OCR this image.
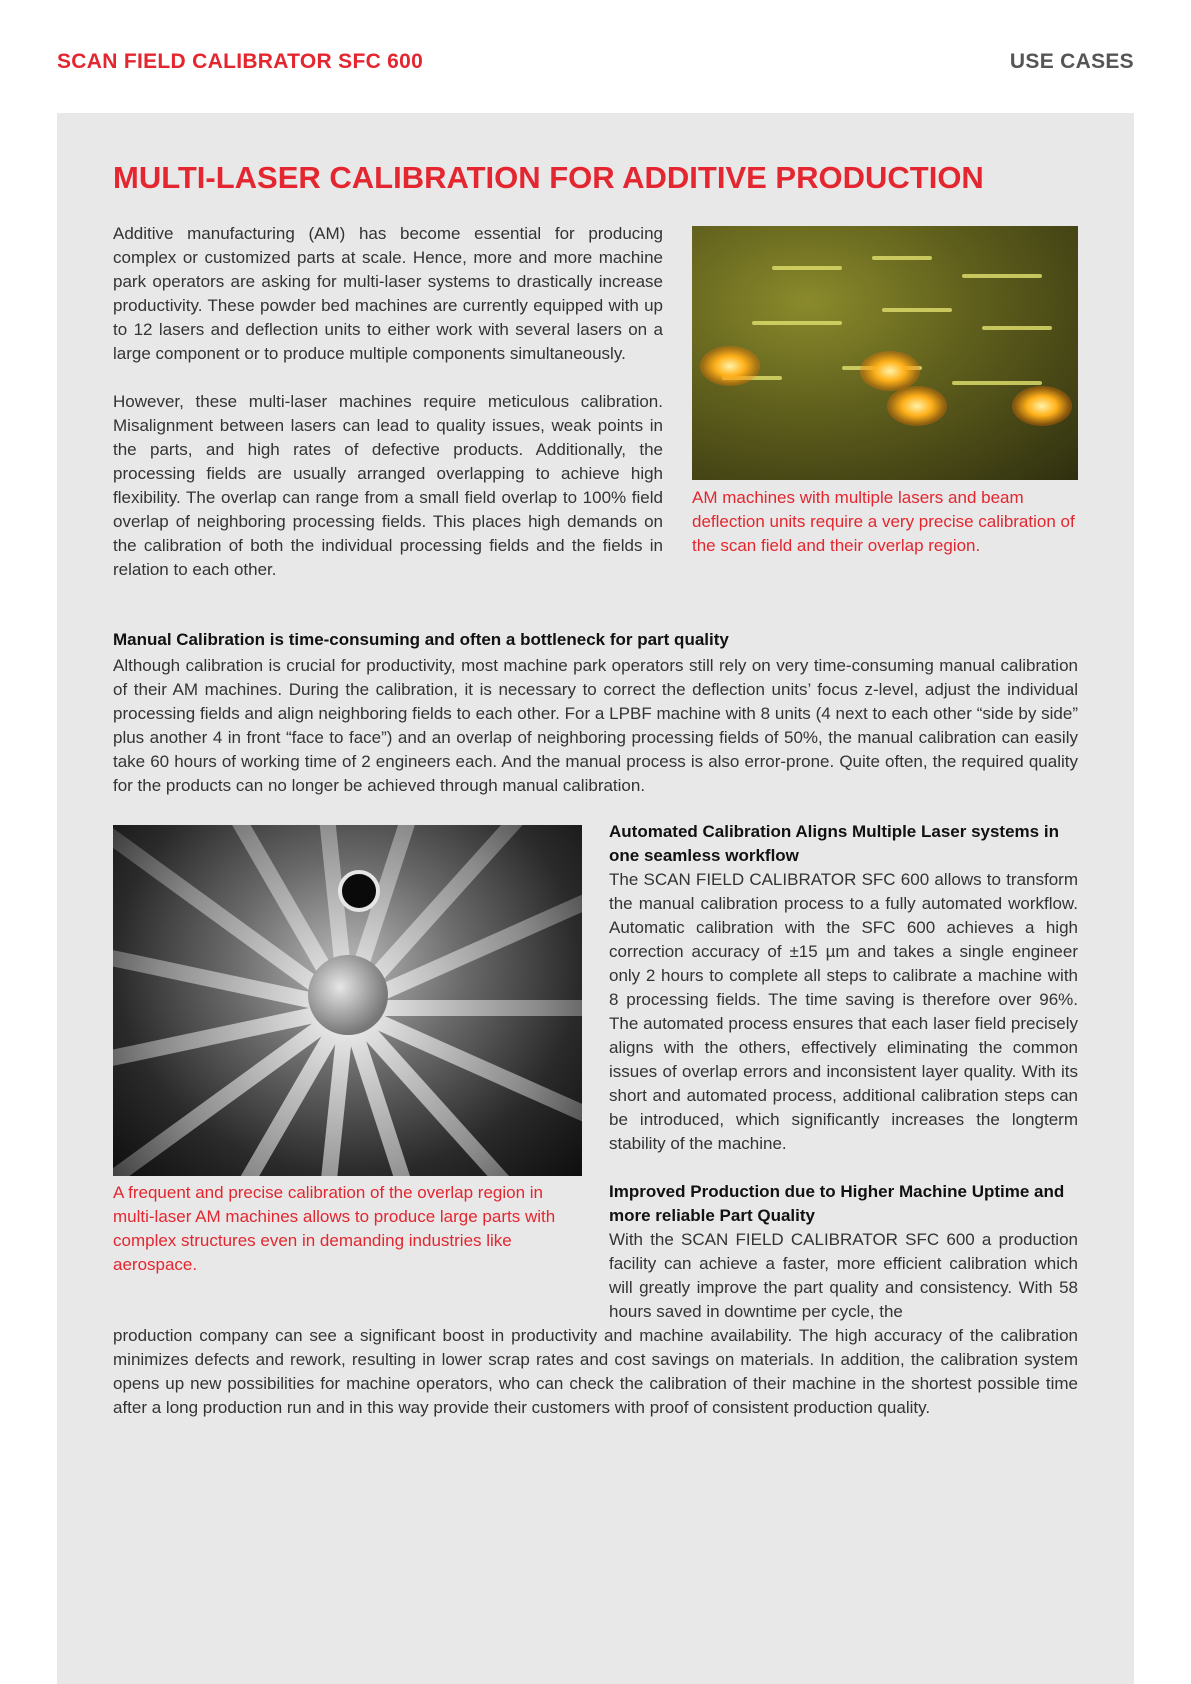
SCAN FIELD CALIBRATOR SFC 600	USE CASES
MULTI-LASER CALIBRATION FOR ADDITIVE PRODUCTION

Additive manufacturing (AM) has become essential for producing complex or customized parts at scale. Hence, more and more machine park operators are asking for multi-laser systems to drastically increase productivity. These powder bed machines are currently equipped with up to 12 lasers and deflection units to either work with several lasers on a large component or to produce multiple components simultaneously.

However, these multi-laser machines require meticulous calibration. Misalignment between lasers can lead to quality issues, weak points in the parts, and high rates of defective products. Additionally, the processing fields are usually arranged overlapping to achieve high flexibility. The overlap can range from a small field overlap to 100% field overlap of neighboring processing fields. This places high demands on the calibration of both the individual processing fields and the fields in relation to each other.

AM machines with multiple lasers and beam deflection units require a very precise calibration of the scan field and their overlap region.

Manual Calibration is time-consuming and often a bottleneck for part quality

Although calibration is crucial for productivity, most machine park operators still rely on very time-consuming manual calibration of their AM machines. During the calibration, it is necessary to correct the deflection units’ focus z-level, adjust the individual processing fields and align neighboring fields to each other. For a LPBF machine with 8 units (4 next to each other “side by side” plus another 4 in front “face to face”) and an overlap of neighboring processing fields of 50%, the manual calibration can easily take 60 hours of working time of 2 engineers each. And the manual process is also error-prone. Quite often, the required quality for the products can no longer be achieved through manual calibration.

A frequent and precise calibration of the overlap region in multi-laser AM machines allows to produce large parts with complex structures even in demanding industries like aerospace.

Automated Calibration Aligns Multiple Laser systems in one seamless workflow

The SCAN FIELD CALIBRATOR SFC 600 allows to transform the manual calibration process to a fully automated workflow. Automatic calibration with the SFC 600 achieves a high correction accuracy of ±15 µm and takes a single engineer only 2 hours to complete all steps to calibrate a machine with 8 processing fields. The time saving is therefore over 96%. The automated process ensures that each laser field precisely aligns with the others, effectively eliminating the common issues of overlap errors and inconsistent layer quality. With its short and automated process, additional calibration steps can be introduced, which significantly increases the longterm stability of the machine.

Improved Production due to Higher Machine Uptime and more reliable Part Quality

With the SCAN FIELD CALIBRATOR SFC 600 a production facility can achieve a faster, more efficient calibration which will greatly improve the part quality and consistency. With 58 hours saved in downtime per cycle, the

production company can see a significant boost in productivity and machine availability. The high accuracy of the calibration minimizes defects and rework, resulting in lower scrap rates and cost savings on materials. In addition, the calibration system opens up new possibilities for machine operators, who can check the calibration of their machine in the shortest possible time after a long production run and in this way provide their customers with proof of consistent production quality.
